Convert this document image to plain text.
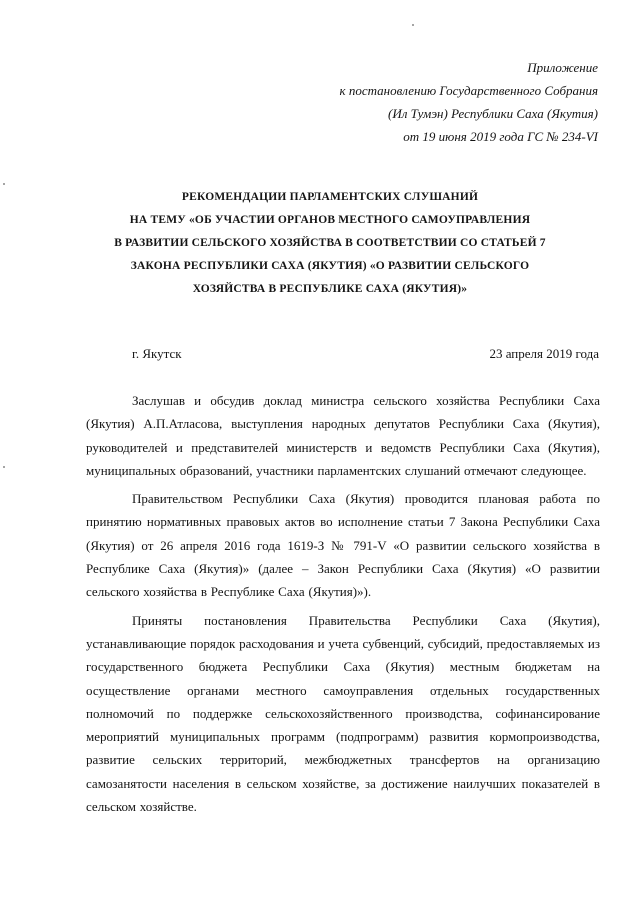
Приложение
к постановлению Государственного Собрания
(Ил Тумэн) Республики Саха (Якутия)
от 19 июня 2019 года ГС № 234-VI
РЕКОМЕНДАЦИИ ПАРЛАМЕНТСКИХ СЛУШАНИЙ
НА ТЕМУ «ОБ УЧАСТИИ ОРГАНОВ МЕСТНОГО САМОУПРАВЛЕНИЯ
В РАЗВИТИИ СЕЛЬСКОГО ХОЗЯЙСТВА В СООТВЕТСТВИИ СО СТАТЬЕЙ 7
ЗАКОНА РЕСПУБЛИКИ САХА (ЯКУТИЯ) «О РАЗВИТИИ СЕЛЬСКОГО
ХОЗЯЙСТВА В РЕСПУБЛИКЕ САХА (ЯКУТИЯ)»
г. Якутск	23 апреля 2019 года

Заслушав и обсудив доклад министра сельского хозяйства Республики Саха (Якутия) А.П.Атласова, выступления народных депутатов Республики Саха (Якутия), руководителей и представителей министерств и ведомств Республики Саха (Якутия), муниципальных образований, участники парламентских слушаний отмечают следующее.

Правительством Республики Саха (Якутия) проводится плановая работа по принятию нормативных правовых актов во исполнение статьи 7 Закона Республики Саха (Якутия) от 26 апреля 2016 года 1619-З № 791-V «О развитии сельского хозяйства в Республике Саха (Якутия)» (далее – Закон Республики Саха (Якутия) «О развитии сельского хозяйства в Республике Саха (Якутия)»).

Приняты постановления Правительства Республики Саха (Якутия), устанавливающие порядок расходования и учета субвенций, субсидий, предоставляемых из государственного бюджета Республики Саха (Якутия) местным бюджетам на осуществление органами местного самоуправления отдельных государственных полномочий по поддержке сельскохозяйственного производства, софинансирование мероприятий муниципальных программ (подпрограмм) развития кормопроизводства, развитие сельских территорий, межбюджетных трансфертов на организацию самозанятости населения в сельском хозяйстве, за достижение наилучших показателей в сельском хозяйстве.
